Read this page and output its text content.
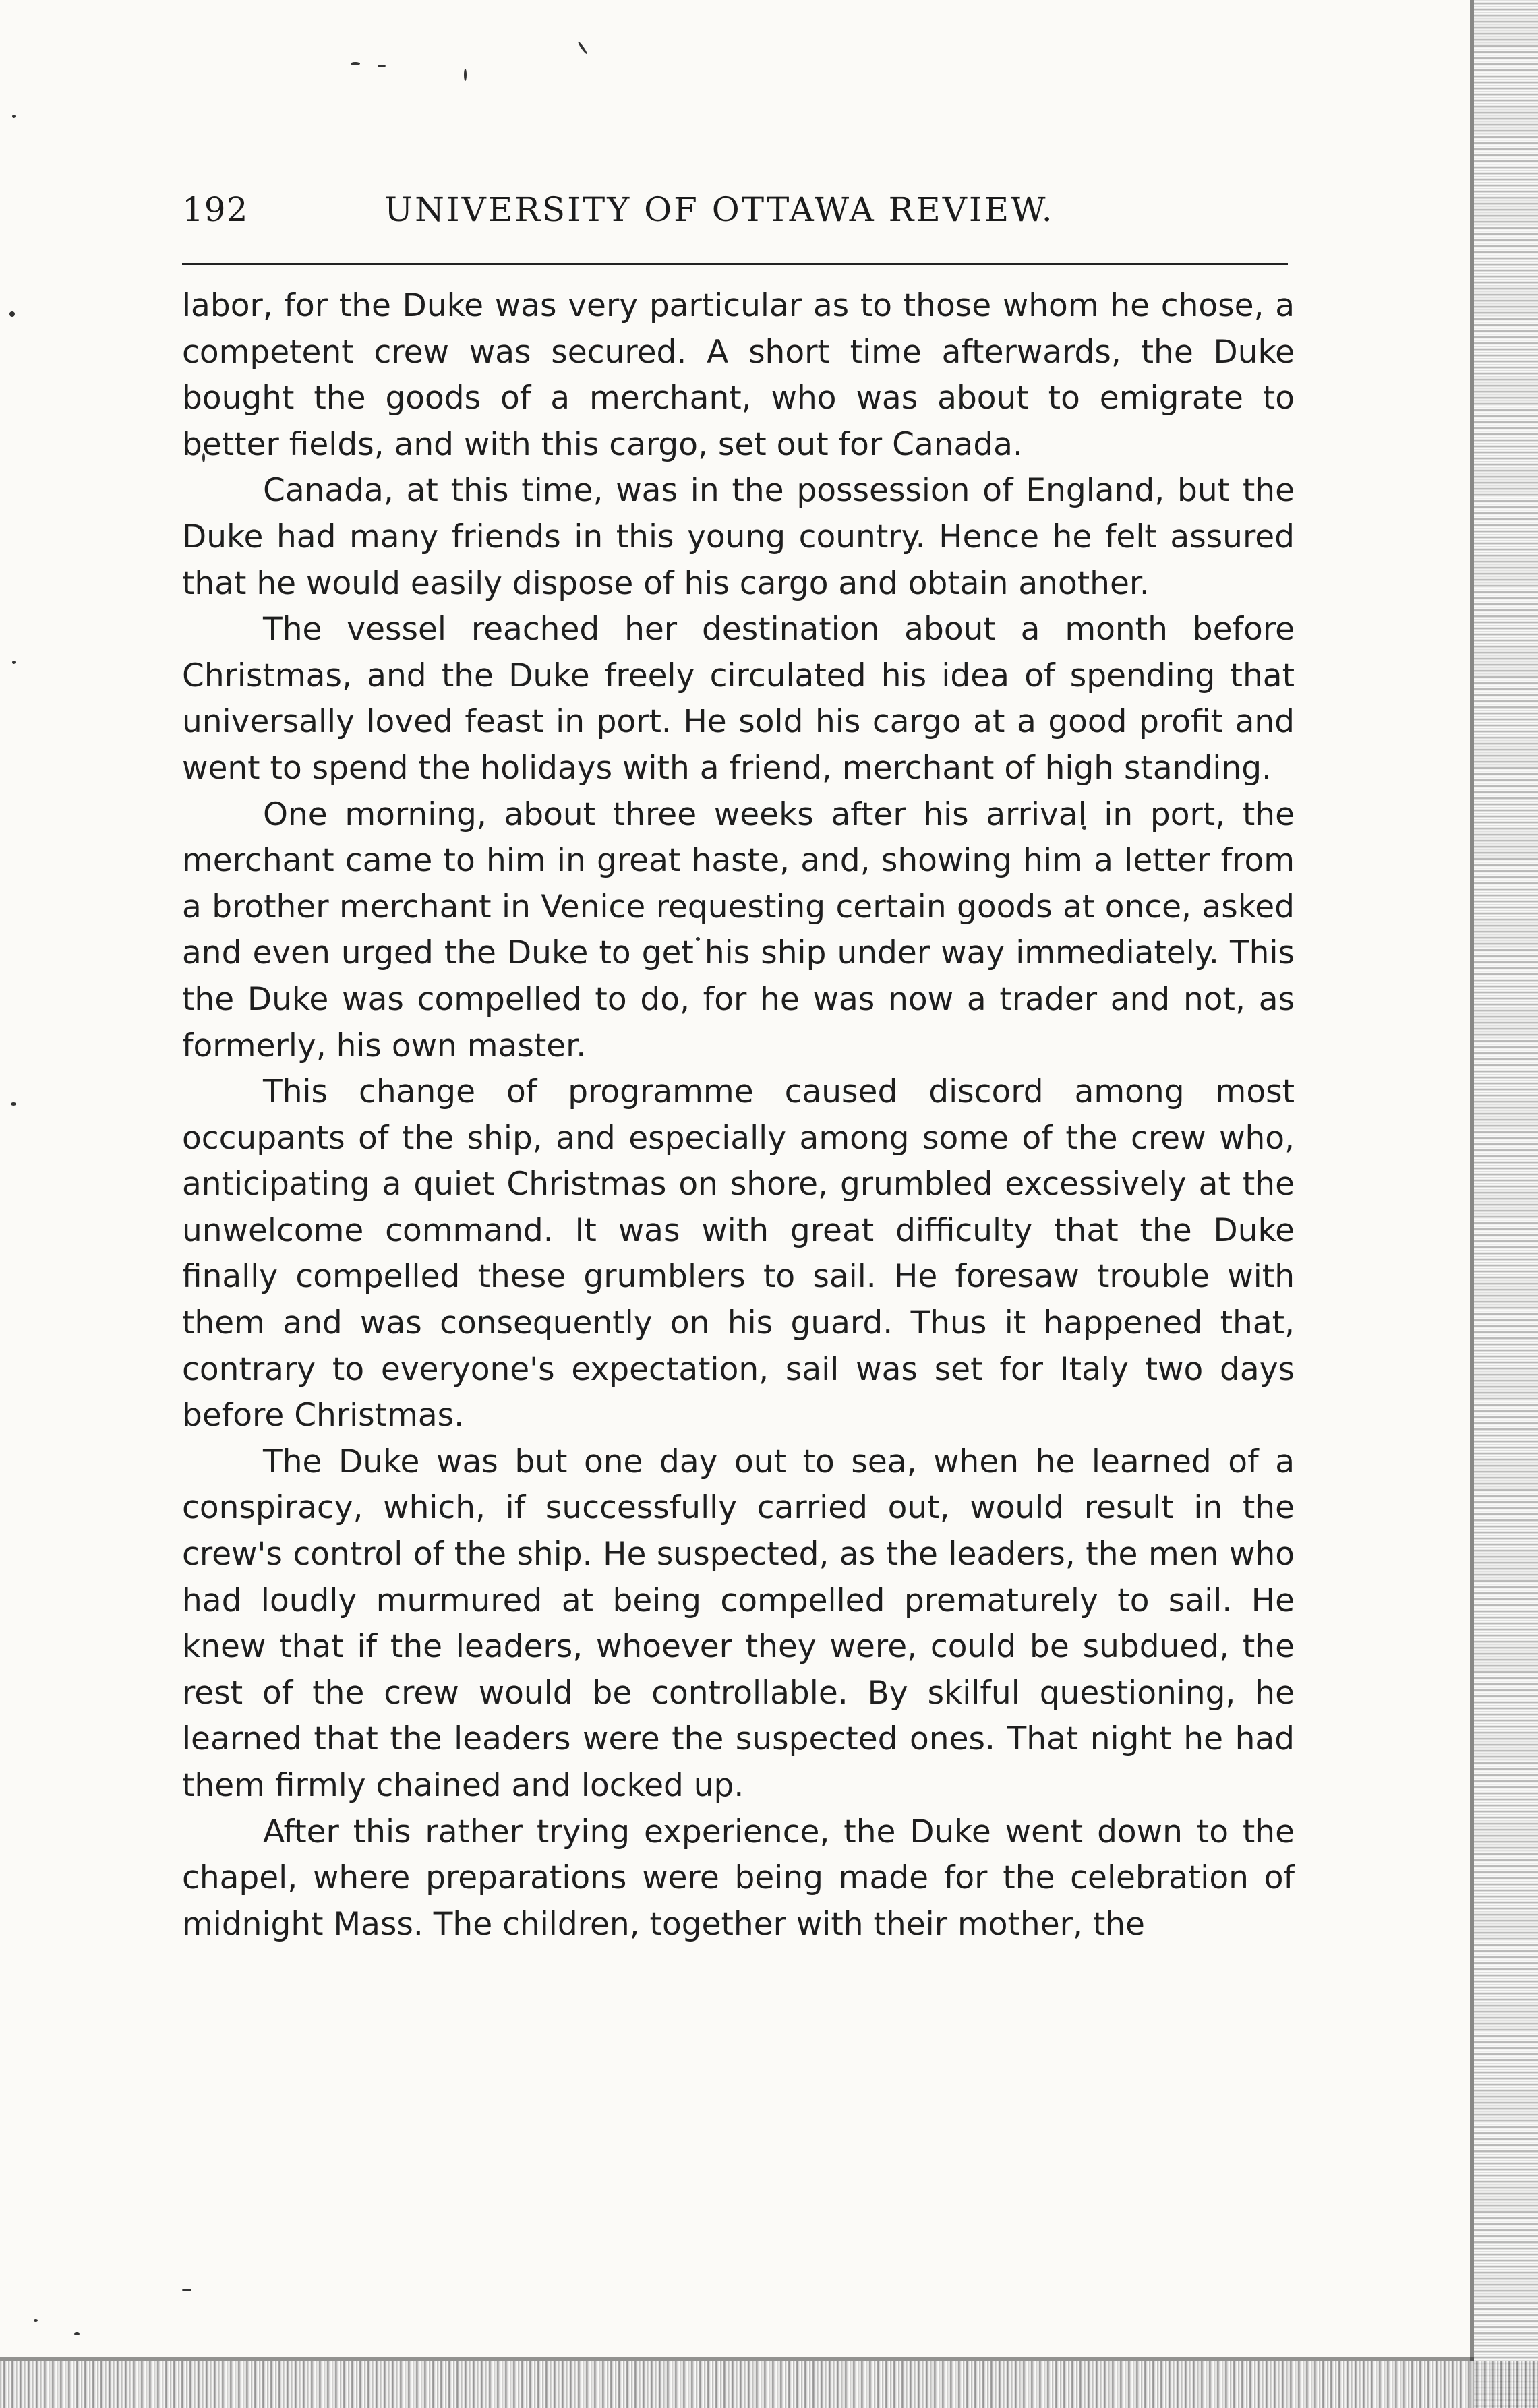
192	UNIVERSITY OF OTTAWA REVIEW.

labor, for the Duke was very particular as to those whom he chose, a competent crew was secured. A short time afterwards, the Duke bought the goods of a merchant, who was about to emigrate to better fields, and with this cargo, set out for Canada.

Canada, at this time, was in the possession of England, but the Duke had many friends in this young country. Hence he felt assured that he would easily dispose of his cargo and obtain another.

The vessel reached her destination about a month before Christmas, and the Duke freely circulated his idea of spending that universally loved feast in port. He sold his cargo at a good profit and went to spend the holidays with a friend, merchant of high standing.

One morning, about three weeks after his arrival in port, the merchant came to him in great haste, and, showing him a letter from a brother merchant in Venice requesting certain goods at once, asked and even urged the Duke to get his ship under way immediately. This the Duke was compelled to do, for he was now a trader and not, as formerly, his own master.

This change of programme caused discord among most occupants of the ship, and especially among some of the crew who, anticipating a quiet Christmas on shore, grumbled excessively at the unwelcome command. It was with great difficulty that the Duke finally compelled these grumblers to sail. He foresaw trouble with them and was consequently on his guard. Thus it happened that, contrary to everyone's expectation, sail was set for Italy two days before Christmas.

The Duke was but one day out to sea, when he learned of a conspiracy, which, if successfully carried out, would result in the crew's control of the ship. He suspected, as the leaders, the men who had loudly murmured at being compelled prematurely to sail. He knew that if the leaders, whoever they were, could be subdued, the rest of the crew would be controllable. By skilful questioning, he learned that the leaders were the suspected ones. That night he had them firmly chained and locked up.

After this rather trying experience, the Duke went down to the chapel, where preparations were being made for the celebration of midnight Mass. The children, together with their mother, the
